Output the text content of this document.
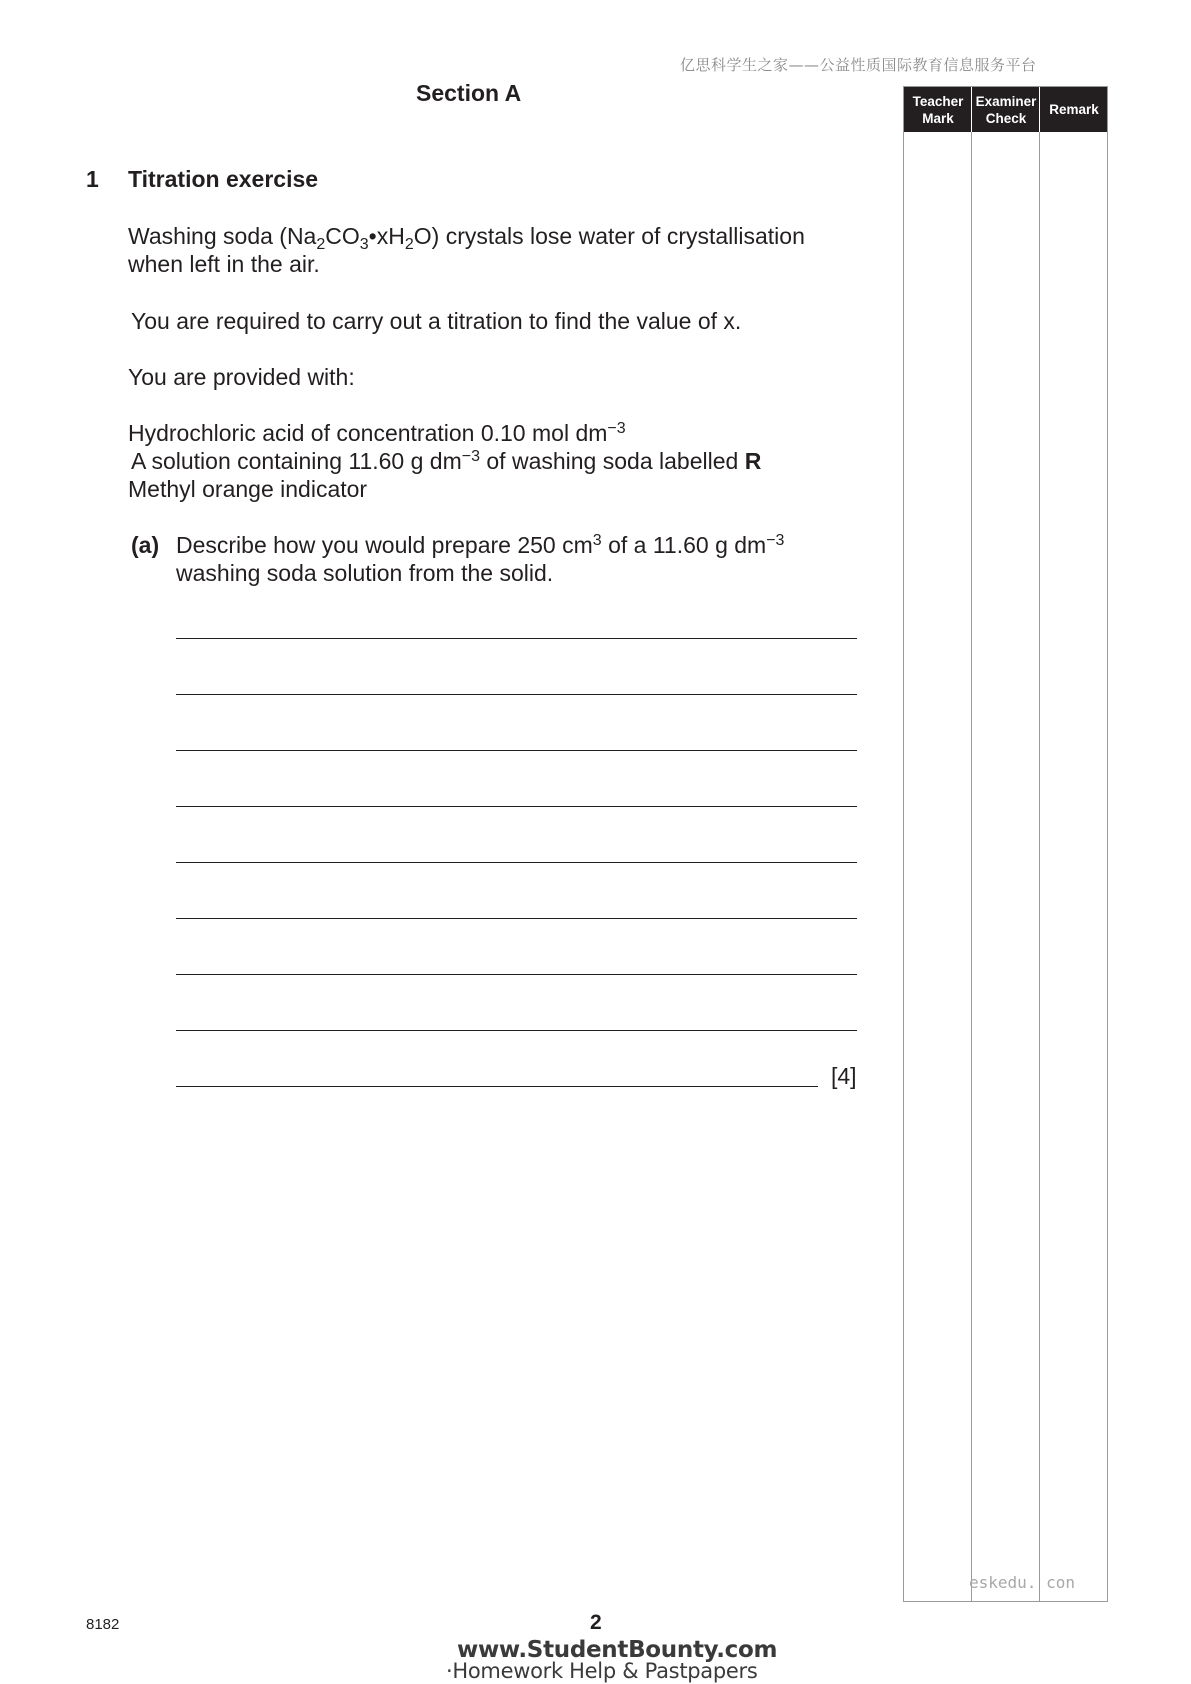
亿思科学生之家——公益性质国际教育信息服务平台
Section A
1 Titration exercise
Washing soda $(Na_2CO_3•xH_2O)$ crystals lose water of crystallisation
when left in the air.
You are required to carry out a titration to find the value of x.
You are provided with:
Hydrochloric acid of concentration 0.10 mol $dm^{-3}$
A solution containing 11.60 g $dm^{-3}$ of washing soda labelled R
Methyl orange indicator
(a) Describe how you would prepare 250 $cm^3$ of a 11.60 g $dm^{-3}$
washing soda solution from the solid.
[4]
Teacher
Mark
Examiner
Check
Remark
eskedu. con
8182	2
www.StudentBounty.com
·Homework Help & Pastpapers
